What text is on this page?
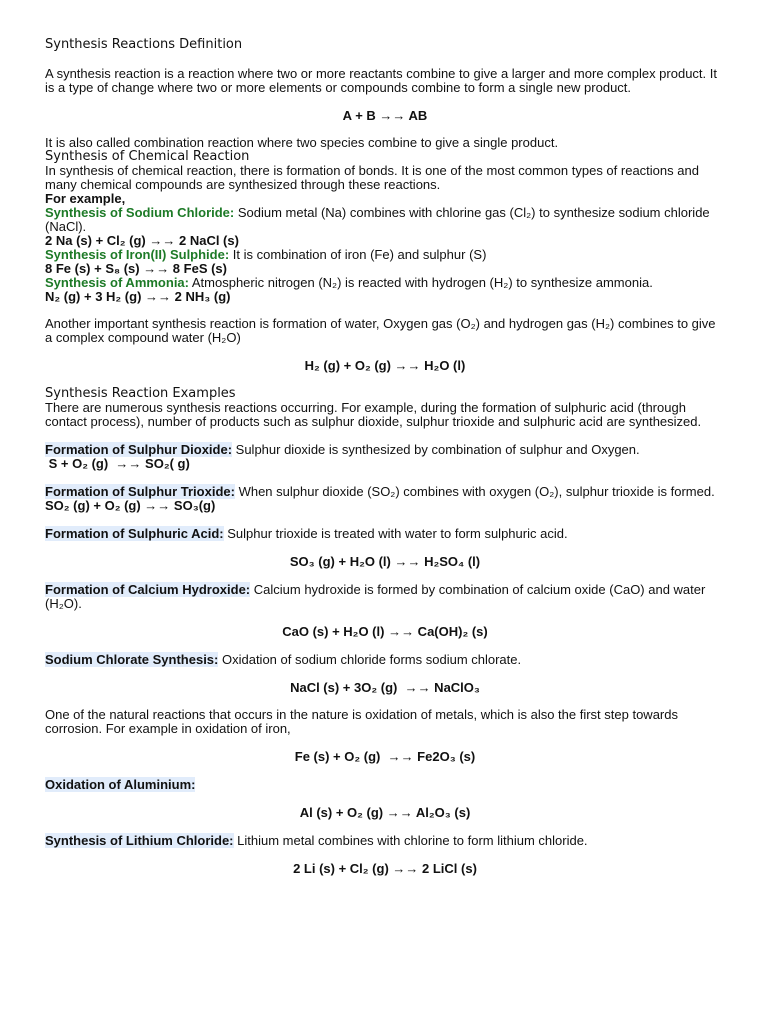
Synthesis Reactions Definition
A synthesis reaction is a reaction where two or more reactants combine to give a larger and more complex product. It is a type of change where two or more elements or compounds combine to form a single new product.
A + B →→ AB
It is also called combination reaction where two species combine to give a single product.
Synthesis of Chemical Reaction
In synthesis of chemical reaction, there is formation of bonds. It is one of the most common types of reactions and many chemical compounds are synthesized through these reactions.
For example,
Synthesis of Sodium Chloride: Sodium metal (Na) combines with chlorine gas (Cl₂) to synthesize sodium chloride (NaCl).
2 Na (s) + Cl₂ (g) →→ 2 NaCl (s)
Synthesis of Iron(II) Sulphide: It is combination of iron (Fe) and sulphur (S)
8 Fe (s) + S₈ (s) →→ 8 FeS (s)
Synthesis of Ammonia: Atmospheric nitrogen (N₂) is reacted with hydrogen (H₂) to synthesize ammonia.
N₂ (g) + 3 H₂ (g) →→ 2 NH₃ (g)
Another important synthesis reaction is formation of water, Oxygen gas (O₂) and hydrogen gas (H₂) combines to give a complex compound water (H₂O)
H₂ (g) + O₂ (g) →→ H₂O (l)
Synthesis Reaction Examples
There are numerous synthesis reactions occurring. For example, during the formation of sulphuric acid (through contact process), number of products such as sulphur dioxide, sulphur trioxide and sulphuric acid are synthesized.
Formation of Sulphur Dioxide: Sulphur dioxide is synthesized by combination of sulphur and Oxygen.
S + O₂ (g)  →→ SO₂( g)
Formation of Sulphur Trioxide: When sulphur dioxide (SO₂) combines with oxygen (O₂), sulphur trioxide is formed.
SO₂ (g) + O₂ (g) →→ SO₃(g)
Formation of Sulphuric Acid: Sulphur trioxide is treated with water to form sulphuric acid.
SO₃ (g) + H₂O (l) →→ H₂SO₄ (l)
Formation of Calcium Hydroxide: Calcium hydroxide is formed by combination of calcium oxide (CaO) and water (H₂O).
CaO (s) + H₂O (l) →→ Ca(OH)₂ (s)
Sodium Chlorate Synthesis: Oxidation of sodium chloride forms sodium chlorate.
NaCl (s) + 3O₂ (g)  →→ NaClO₃
One of the natural reactions that occurs in the nature is oxidation of metals, which is also the first step towards corrosion. For example in oxidation of iron,
Fe (s) + O₂ (g)  →→ Fe2O₃ (s)
Oxidation of Aluminium:
Al (s) + O₂ (g) →→ Al₂O₃ (s)
Synthesis of Lithium Chloride: Lithium metal combines with chlorine to form lithium chloride.
2 Li (s) + Cl₂ (g) →→ 2 LiCl (s)
